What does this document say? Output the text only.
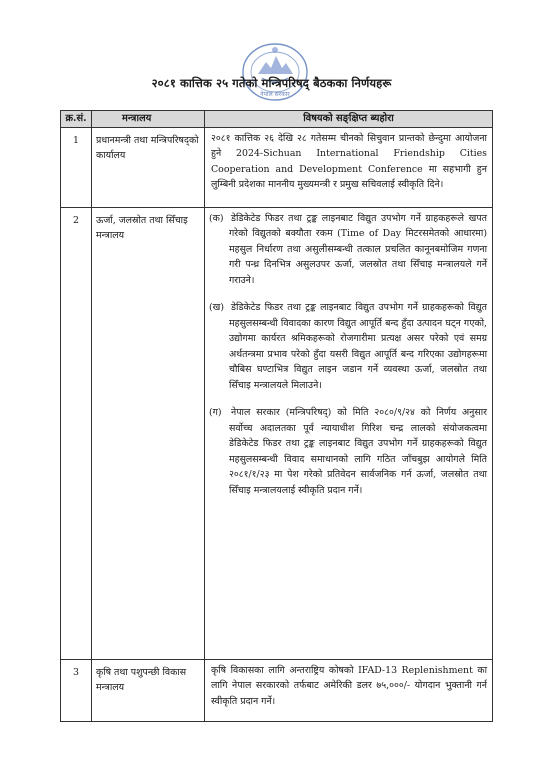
नेपाल सरकार
२०८१ कात्तिक २५ गतेको मन्त्रिपरिषद् बैठकका निर्णयहरू
क्र.सं.	मन्त्रालय	विषयको सङ्क्षिप्त ब्यहोरा
1	प्रधानमन्त्री तथा मन्त्रिपरिषद्को कार्यालय	२०८१ कात्तिक २६ देखि २८ गतेसम्म चीनको सिचुवान प्रान्तको छेन्दुमा आयोजना हुने 2024-Sichuan International Friendship Cities Cooperation and Development Conference मा सहभागी हुन लुम्बिनी प्रदेशका माननीय मुख्यमन्त्री र प्रमुख सचिवलाई स्वीकृति दिने।
2	ऊर्जा, जलस्रोत तथा सिँचाइ मन्त्रालय	(क) डेडिकेटेड फिडर तथा ट्रङ्क लाइनबाट विद्युत उपभोग गर्ने ग्राहकहरूले खपत गरेको विद्युतको बक्यौता रकम (Time of Day मिटरसमेतको आधारमा) महसुल निर्धारण तथा असुलीसम्बन्धी तत्काल प्रचलित कानूनबमोजिम गणना गरी पन्ध्र दिनभित्र असुलउपर ऊर्जा, जलस्रोत तथा सिँचाइ मन्त्रालयले गर्ने गराउने।

(ख) डेडिकेटेड फिडर तथा ट्रङ्क लाइनबाट विद्युत उपभोग गर्ने ग्राहकहरूको विद्युत महसुलसम्बन्धी विवादका कारण विद्युत आपूर्ति बन्द हुँदा उत्पादन घट्न गएको, उद्योगमा कार्यरत श्रमिकहरूको रोजगारीमा प्रत्यक्ष असर परेको एवं समग्र अर्थतन्त्रमा प्रभाव परेको हुँदा यसरी विद्युत आपूर्ति बन्द गरिएका उद्योगहरूमा चौबिस घण्टाभित्र विद्युत लाइन जडान गर्ने व्यवस्था ऊर्जा, जलस्रोत तथा सिँचाइ मन्त्रालयले मिलाउने।

(ग) नेपाल सरकार (मन्त्रिपरिषद्) को मिति २०८०/९/२४ को निर्णय अनुसार सर्वोच्च अदालतका पूर्व न्यायाधीश गिरिश चन्द्र लालको संयोजकत्वमा डेडिकेटेड फिडर तथा ट्रङ्क लाइनबाट विद्युत उपभोग गर्ने ग्राहकहरूको विद्युत महसुलसम्बन्धी विवाद समाधानको लागि गठित जाँचबुझ आयोगले मिति २०८१/१/२३ मा पेश गरेको प्रतिवेदन सार्वजनिक गर्न ऊर्जा, जलस्रोत तथा सिँचाइ मन्त्रालयलाई स्वीकृति प्रदान गर्ने।

3	कृषि तथा पशुपन्छी विकास मन्त्रालय	कृषि विकासका लागि अन्तराष्ट्रिय कोषको IFAD-13 Replenishment का लागि नेपाल सरकारको तर्फबाट अमेरिकी डलर ७५,०००/- योगदान भुक्तानी गर्न स्वीकृति प्रदान गर्ने।
